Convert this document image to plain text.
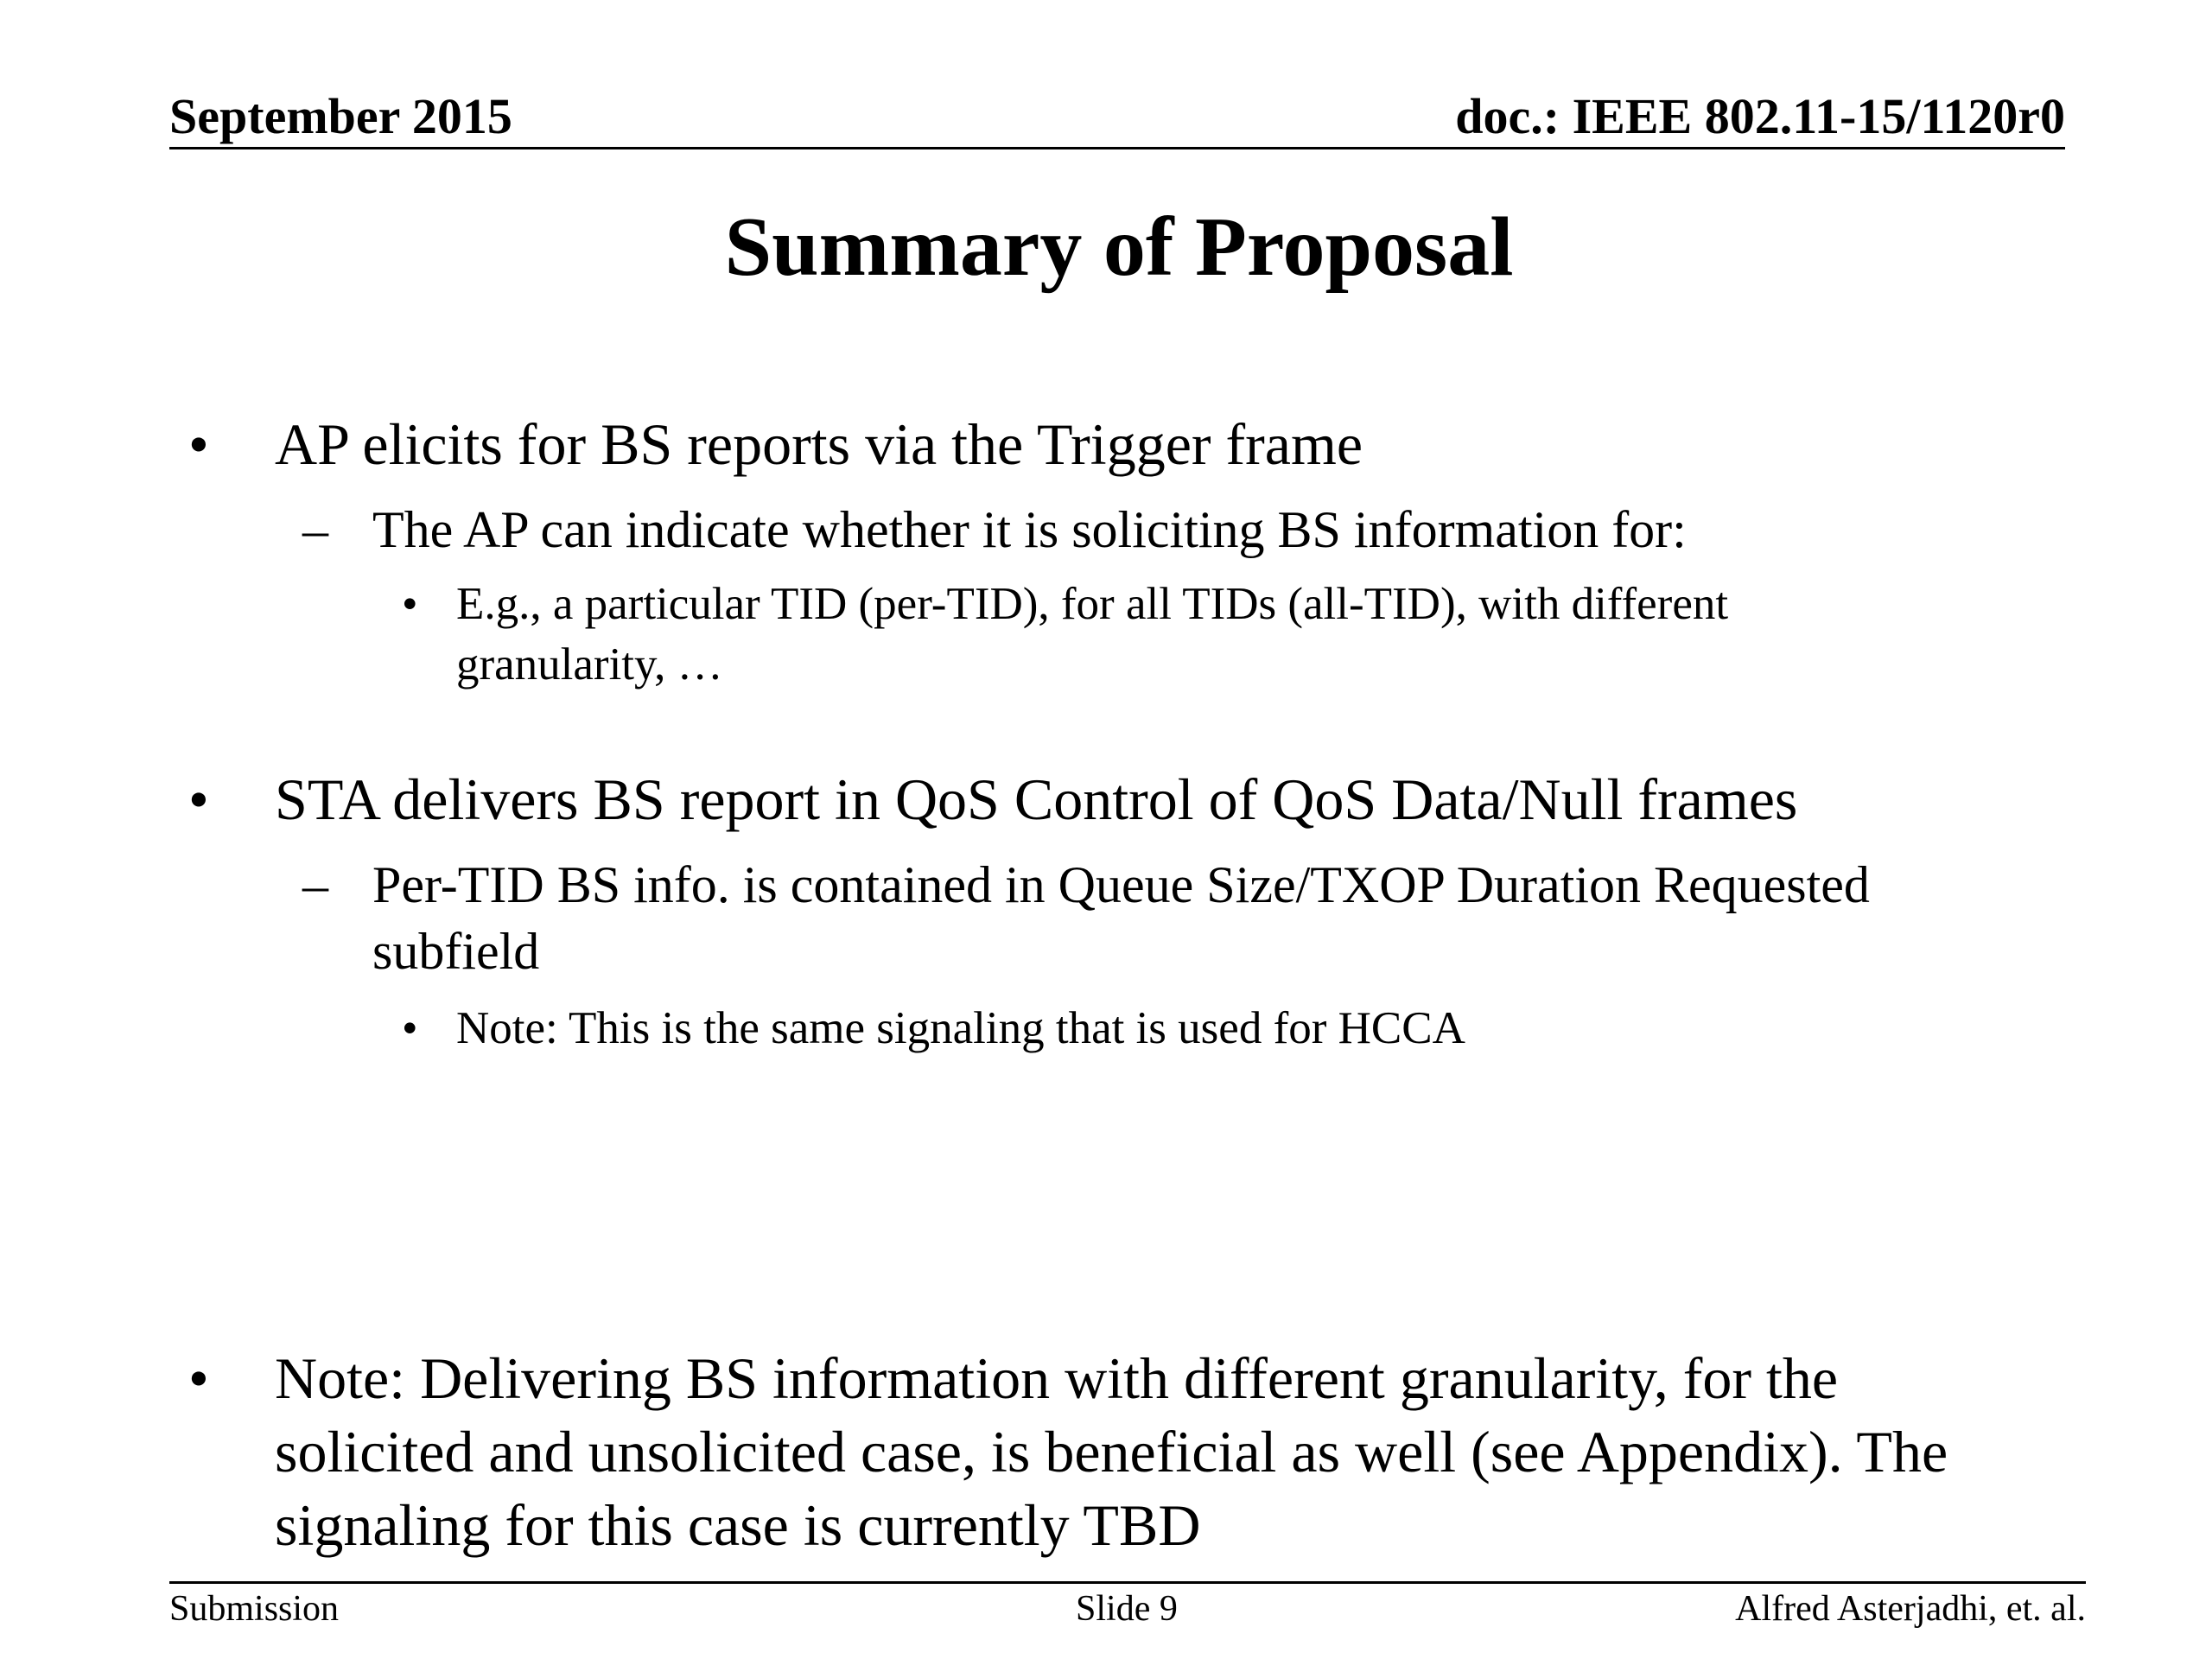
September 2015	doc.: IEEE 802.11-15/1120r0
Summary of Proposal
• AP elicits for BS reports via the Trigger frame
– The AP can indicate whether it is soliciting BS information for:
• E.g., a particular TID (per-TID), for all TIDs (all-TID), with different
granularity, …
• STA delivers BS report in QoS Control of QoS Data/Null frames
– Per-TID BS info. is contained in Queue Size/TXOP Duration Requested
subfield
• Note: This is the same signaling that is used for HCCA
• Note: Delivering BS information with different granularity, for the
solicited and unsolicited case, is beneficial as well (see Appendix). The
signaling for this case is currently TBD
Submission	Slide 9	Alfred Asterjadhi, et. al.
